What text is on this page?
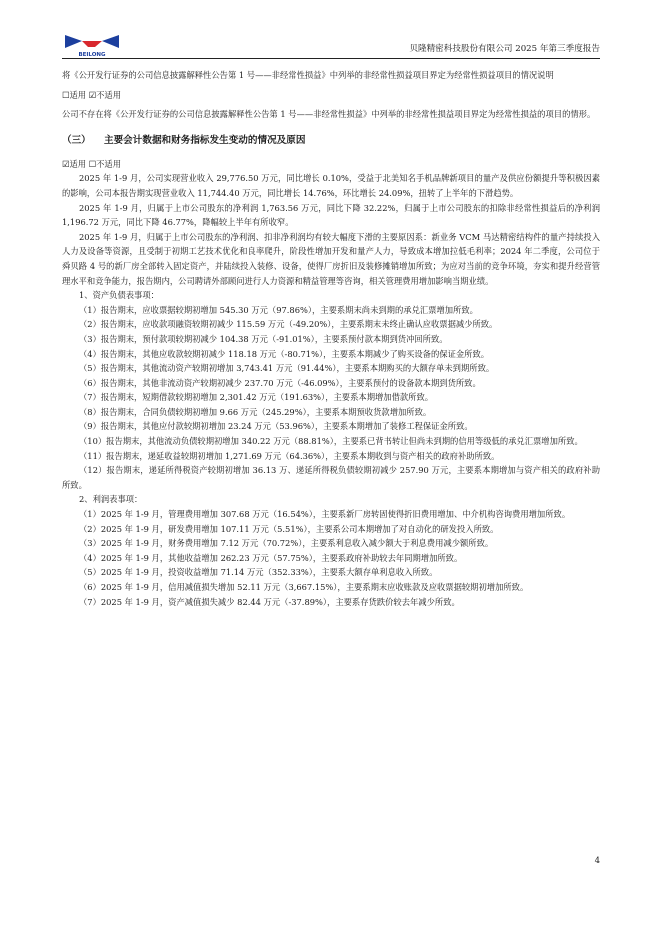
BEILONG
贝隆精密科技股份有限公司 2025 年第三季度报告

将《公开发行证券的公司信息披露解释性公告第 1 号——非经常性损益》中列举的非经常性损益项目界定为经常性损益项目的情况说明

☐适用 ☑不适用

公司不存在将《公开发行证券的公司信息披露解释性公告第 1 号——非经常性损益》中列举的非经常性损益项目界定为经常性损益的项目的情形。

（三） 主要会计数据和财务指标发生变动的情况及原因

☑适用 ☐不适用

2025 年 1-9 月，公司实现营业收入 29,776.50 万元，同比增长 0.10%，受益于北美知名手机品牌新项目的量产及供应份额提升等积极因素的影响，公司本报告期实现营业收入 11,744.40 万元，同比增长 14.76%，环比增长 24.09%，扭转了上半年的下滑趋势。

2025 年 1-9 月，归属于上市公司股东的净利润 1,763.56 万元，同比下降 32.22%，归属于上市公司股东的扣除非经常性损益后的净利润 1,196.72 万元，同比下降 46.77%，降幅较上半年有所收窄。

2025 年 1-9 月，归属于上市公司股东的净利润、扣非净利润均有较大幅度下滑的主要原因系：新业务 VCM 马达精密结构件的量产持续投入人力及设备等资源，且受制于初期工艺技术优化和良率爬升，阶段性增加开发和量产人力，导致成本增加拉低毛利率；2024 年二季度，公司位于舜贝路 4 号的新厂房全部转入固定资产，并陆续投入装修、设备，使得厂房折旧及装修摊销增加所致；为应对当前的竞争环境，夯实和提升经营管理水平和竞争能力，报告期内，公司聘请外部顾问进行人力资源和精益管理等咨询，相关管理费用增加影响当期业绩。

1、资产负债表事项：

（1）报告期末，应收票据较期初增加 545.30 万元（97.86%），主要系期末尚未到期的承兑汇票增加所致。

（2）报告期末，应收款项融资较期初减少 115.59 万元（-49.20%），主要系期末未终止确认应收票据减少所致。

（3）报告期末，预付款项较期初减少 104.38 万元（-91.01%），主要系预付款本期到货冲回所致。

（4）报告期末，其他应收款较期初减少 118.18 万元（-80.71%），主要系本期减少了购买设备的保证金所致。

（5）报告期末，其他流动资产较期初增加 3,743.41 万元（91.44%），主要系本期购买的大额存单未到期所致。

（6）报告期末，其他非流动资产较期初减少 237.70 万元（-46.09%），主要系预付的设备款本期到货所致。

（7）报告期末，短期借款较期初增加 2,301.42 万元（191.63%），主要系本期增加借款所致。

（8）报告期末，合同负债较期初增加 9.66 万元（245.29%），主要系本期预收货款增加所致。

（9）报告期末，其他应付款较期初增加 23.24 万元（53.96%），主要系本期增加了装修工程保证金所致。

（10）报告期末，其他流动负债较期初增加 340.22 万元（88.81%），主要系已背书转让但尚未到期的信用等级低的承兑汇票增加所致。

（11）报告期末，递延收益较期初增加 1,271.69 万元（64.36%），主要系本期收到与资产相关的政府补助所致。

（12）报告期末，递延所得税资产较期初增加 36.13 万、递延所得税负债较期初减少 257.90 万元，主要系本期增加与资产相关的政府补助所致。

2、利润表事项：

（1）2025 年 1-9 月，管理费用增加 307.68 万元（16.54%），主要系新厂房转固使得折旧费用增加、中介机构咨询费用增加所致。

（2）2025 年 1-9 月，研发费用增加 107.11 万元（5.51%），主要系公司本期增加了对自动化的研发投入所致。

（3）2025 年 1-9 月，财务费用增加 7.12 万元（70.72%），主要系利息收入减少额大于利息费用减少额所致。

（4）2025 年 1-9 月，其他收益增加 262.23 万元（57.75%），主要系政府补助较去年同期增加所致。

（5）2025 年 1-9 月，投资收益增加 71.14 万元（352.33%），主要系大额存单利息收入所致。

（6）2025 年 1-9 月，信用减值损失增加 52.11 万元（3,667.15%），主要系期末应收账款及应收票据较期初增加所致。

（7）2025 年 1-9 月，资产减值损失减少 82.44 万元（-37.89%），主要系存货跌价较去年减少所致。

4
